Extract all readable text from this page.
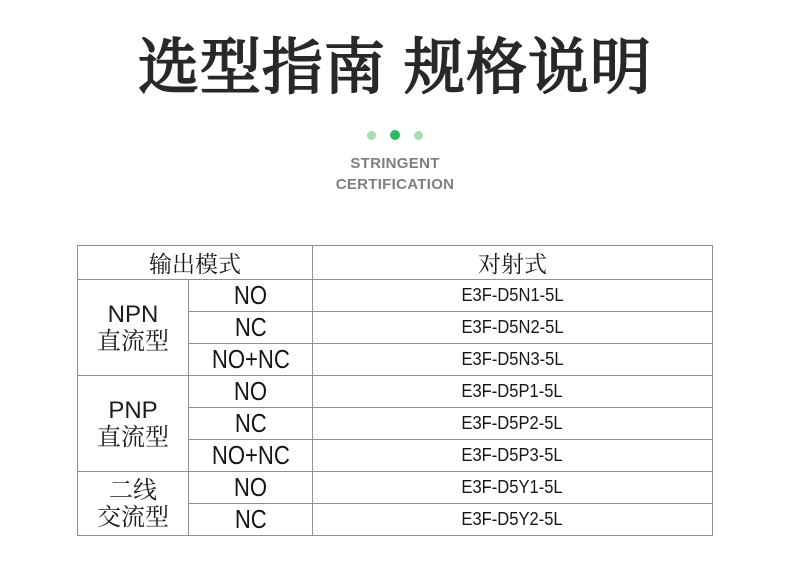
选型指南 规格说明
STRINGENT
CERTIFICATION
输出模式		对射式

NPN
直流型	NO	E3F-D5N1-5L
	NC	E3F-D5N2-5L
	NO+NC	E3F-D5N3-5L

PNP
直流型	NO	E3F-D5P1-5L
	NC	E3F-D5P2-5L
	NO+NC	E3F-D5P3-5L

二线
交流型	NO	E3F-D5Y1-5L
	NC	E3F-D5Y2-5L
